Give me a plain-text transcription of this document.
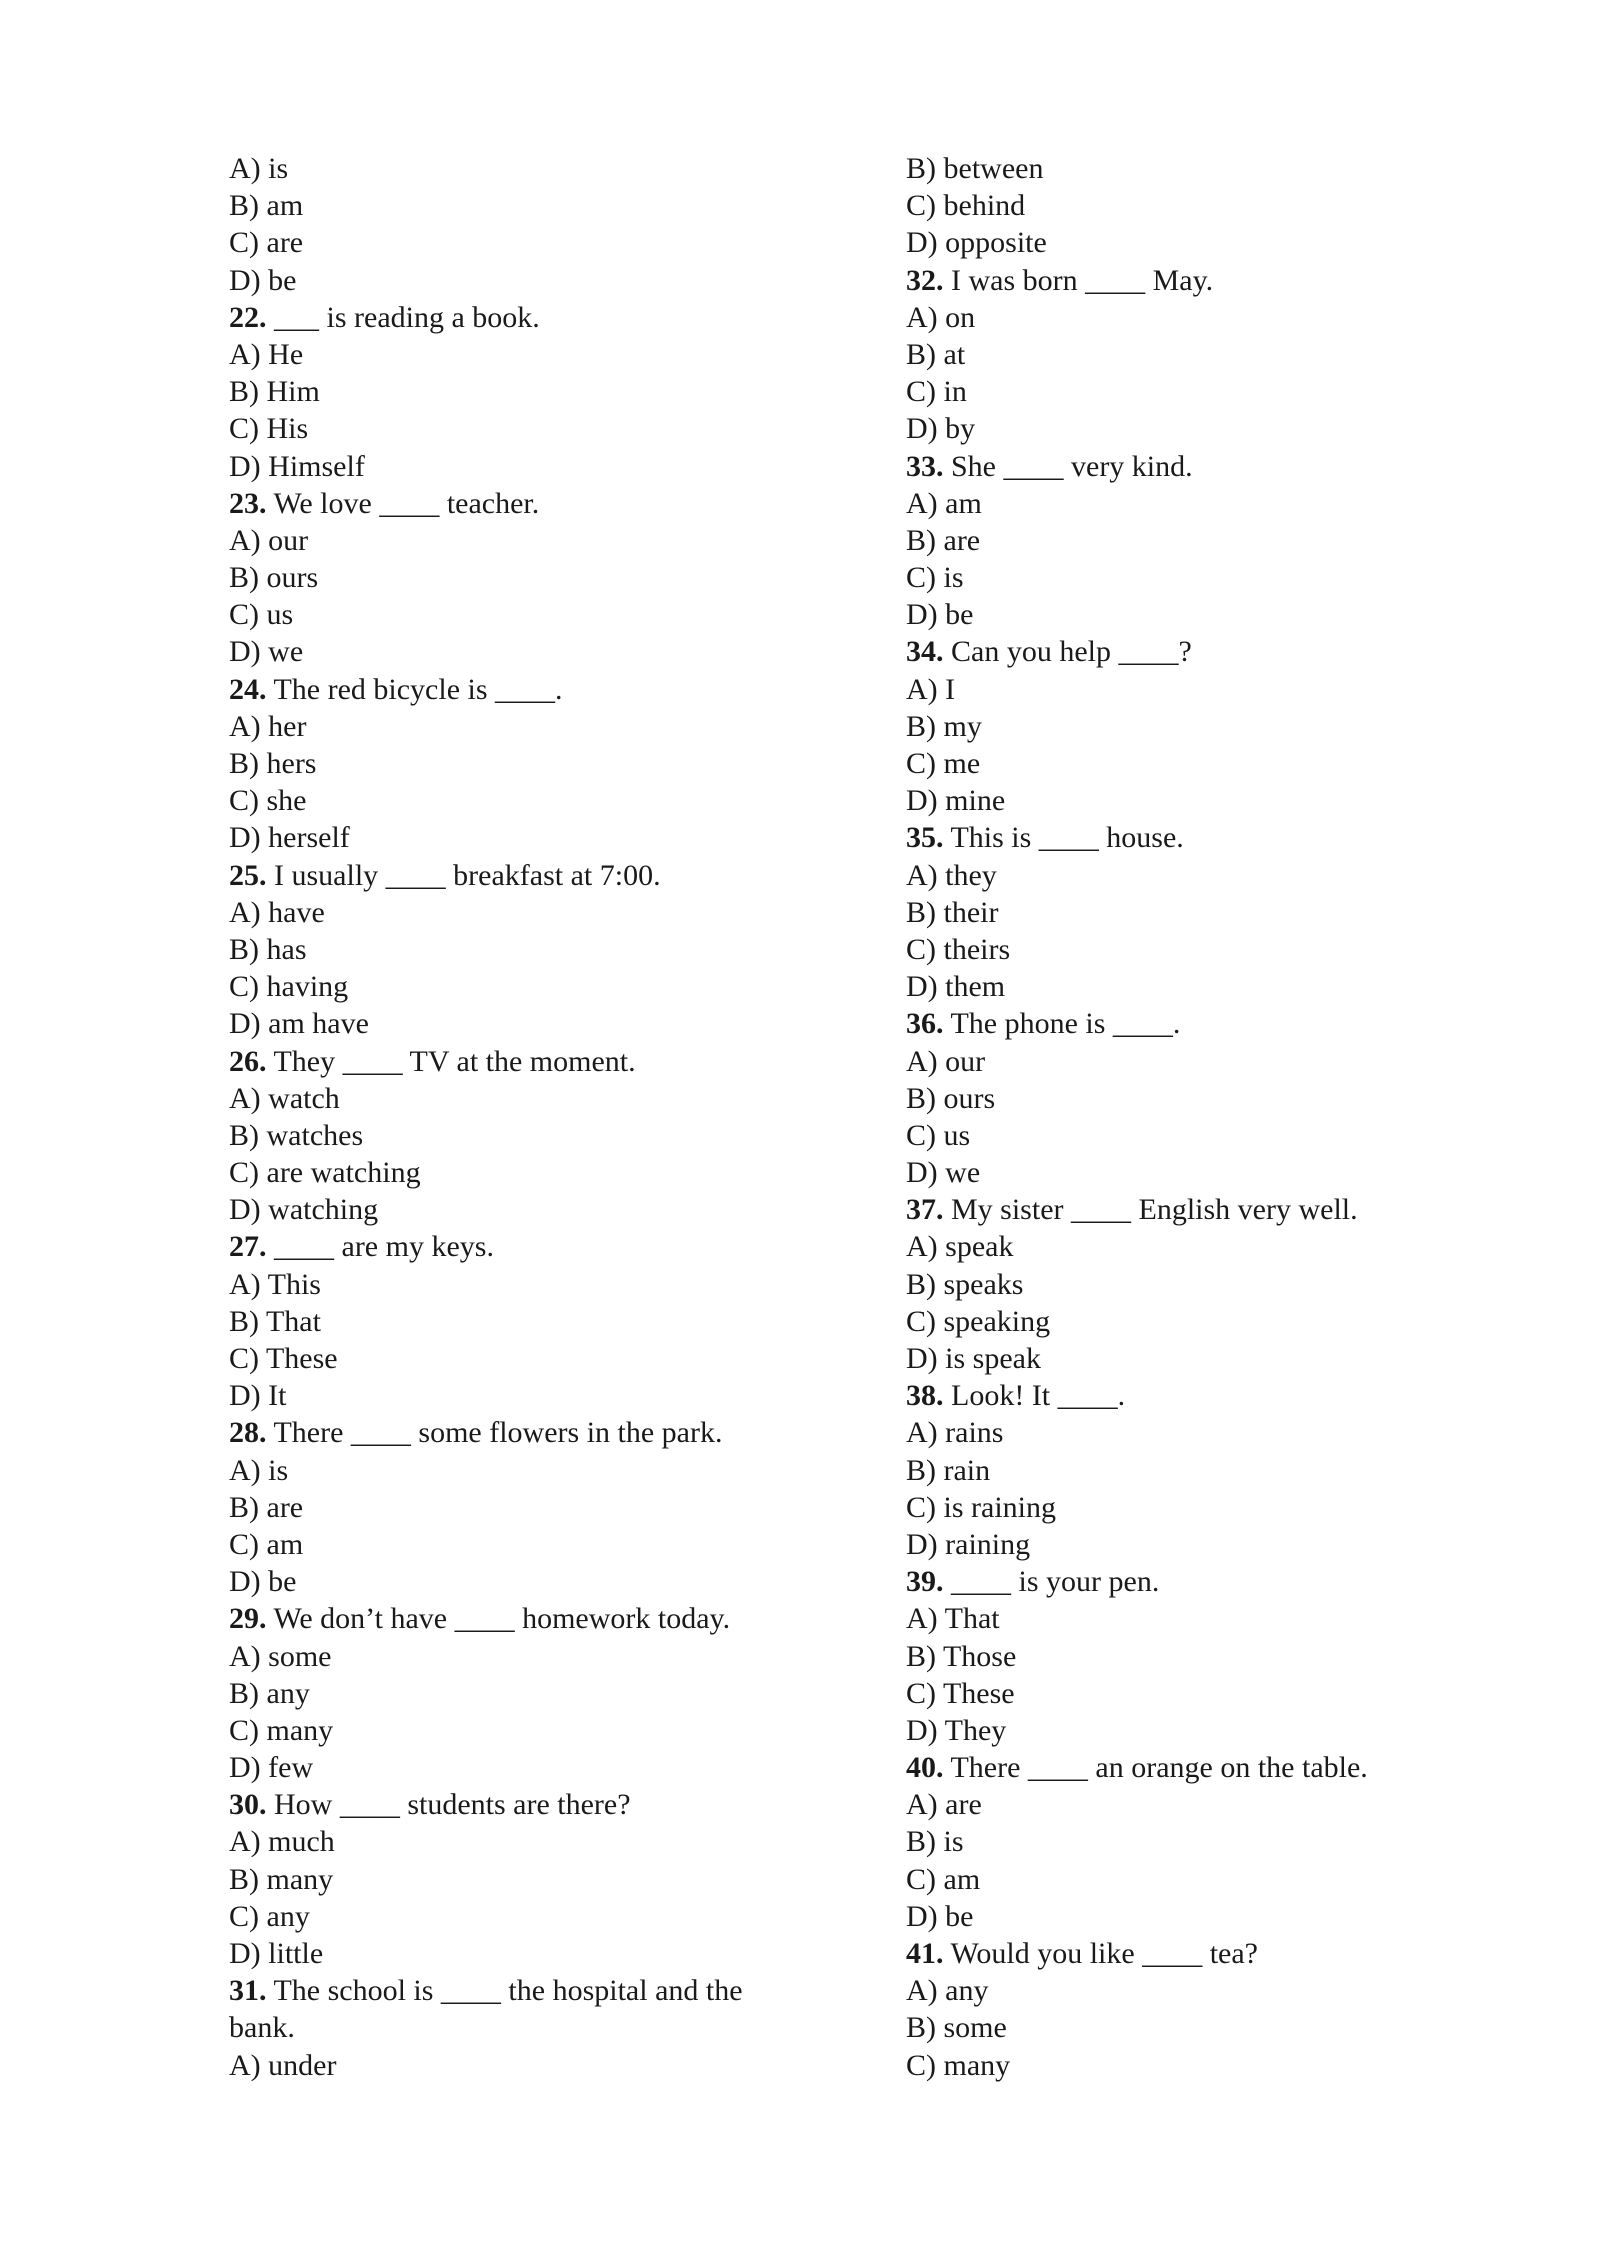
A) is
B) am
C) are
D) be
22. ___ is reading a book.
A) He
B) Him
C) His
D) Himself
23. We love ____ teacher.
A) our
B) ours
C) us
D) we
24. The red bicycle is ____.
A) her
B) hers
C) she
D) herself
25. I usually ____ breakfast at 7:00.
A) have
B) has
C) having
D) am have
26. They ____ TV at the moment.
A) watch
B) watches
C) are watching
D) watching
27. ____ are my keys.
A) This
B) That
C) These
D) It
28. There ____ some flowers in the park.
A) is
B) are
C) am
D) be
29. We don’t have ____ homework today.
A) some
B) any
C) many
D) few
30. How ____ students are there?
A) much
B) many
C) any
D) little
31. The school is ____ the hospital and the
bank.
A) under
B) between
C) behind
D) opposite
32. I was born ____ May.
A) on
B) at
C) in
D) by
33. She ____ very kind.
A) am
B) are
C) is
D) be
34. Can you help ____?
A) I
B) my
C) me
D) mine
35. This is ____ house.
A) they
B) their
C) theirs
D) them
36. The phone is ____.
A) our
B) ours
C) us
D) we
37. My sister ____ English very well.
A) speak
B) speaks
C) speaking
D) is speak
38. Look! It ____.
A) rains
B) rain
C) is raining
D) raining
39. ____ is your pen.
A) That
B) Those
C) These
D) They
40. There ____ an orange on the table.
A) are
B) is
C) am
D) be
41. Would you like ____ tea?
A) any
B) some
C) many
